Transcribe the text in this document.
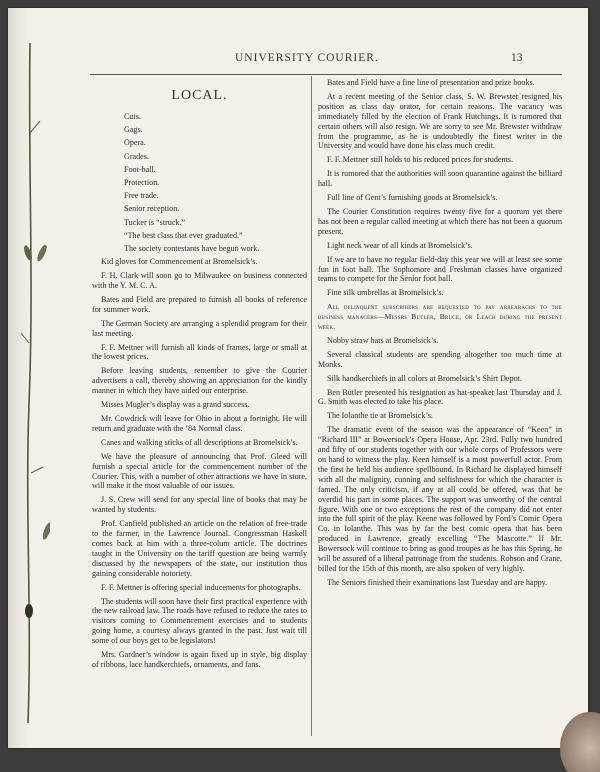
UNIVERSITY COURIER.	13
LOCAL.
Cuts.
Gags.
Opera.
Grades.
Foot-ball.
Protection.
Free trade.
Senior reception.
Tucker is “struck.”
“The best class that ever graduated.”
The society contestants have begun work.

Kid gloves for Commencement at Bromelsick’s.

F. H. Clark will soon go to Milwaukee on business connected with the Y. M. C. A.

Bates and Field are prepared to furnish all books of reference for summer work.

The German Society are arranging a splendid program for their last meeting.

F. F. Mettner will furnish all kinds of frames, large or small at the lowest prices.

Before leaving students, remember to give the Courier advertisers a call, thereby showing an appreciation for the kindly manner in which they have aided our enterprise.

Misses Mugler’s display was a grand success.

Mr. Cowdrick will leave for Ohio in about a fortnight. He will return and graduate with the ’84 Normal class.

Canes and walking sticks of all descriptions at Bromelsick’s.

We have the pleasure of announcing that Prof. Gleed will furnish a special article for the commencement number of the Courier. This, with a number of other attractions we have in store, will make it the most valuable of our issues.

J. S. Crew will send for any special line of books that may be wanted by students.

Prof. Canfield published an article on the relation of free-trade to the farmer, in the Lawrence Journal. Congressman Haskell comes back at him with a three-colum article. The doctrines taught in the University on the tariff question are being warmly discussed by the newspapers of the state, our institution thus gaining considerable notoriety.

F. F. Mettner is offering special inducements for photographs.

The students will soon have their first practical experience with the new railroad law. The roads have refused to reduce the rates to visitors coming to Commencement exercises and to students going home, a courtesy always granted in the past. Just wait till some of our boys get to be legislators!

Mrs. Gardner’s window is again fixed up in style, big display of ribbons, lace handkerchiefs, ornaments, and fans.

Bates and Field have a fine line of presentation and prize books.

At a recent meeting of the Senior class, S. W. Brewster resigned his position as class day orator, for certain reasons. The vacancy was immediately filled by the election of Frank Hutchings. It is rumored that certain others will also resign. We are sorry to see Mr. Brewster withdraw from the programme, as he is undoubtedly the finest writer in the University and would have done his class much credit.

F. F. Mettner still holds to his reduced prices for students.

It is rumored that the authorities will soon quarantine against the billiard hall.

Full line of Gent’s furnishing goods at Bromelsick’s.

The Courier Constitution requires twenty five for a quorum yet there has not been a regular called meeting at which there has not been a quorum present.

Light neck wear of all kinds at Bromelsick’s.

If we are to have no regular field-day this year we will at least see some fun in foot ball. The Sophomore and Freshman classes have organized teams to compete for the Senior foot ball.

Fine silk umbrellas at Bromelsick’s.

All delinquent subscribers are requested to pay arrearages to the business managers—Messrs Butler, Bruce, or Leach during the present week.

Nobby straw hats at Bromelsick’s.

Several classical students are spending altogether too much time at Monks.

Silk handkerchiefs in all colors at Bromelsick’s Shirt Depot.

Ben Butler presented his resignation as hat-speaker last Thursday and J. G. Smith was elected to take his place.

The Iolanthe tie at Bromelsick’s.

The dramatic event of the season was the appearance of “Keen” in “Richard III” at Bowersock’s Opera House, Apr. 23rd. Fully two hundred and fifty of our students together with our whole corps of Professors were on hand to witness the play. Keen himself is a most powerfull actor. From the first he held his audience spellbound. In Richard he displayed himself with all the malignity, cunning and selfishness for which the character is famed. The only criticism, if any at all could be offered, was that he overdid his part in some places. The support was unworthy of the central figure. With one or two exceptions the rest of the company did not enter into the full spirit of the play. Keene was followed by Ford’s Comic Opera Co. in Iolanthe. This was by far the best comic opera that has been produced in Lawrence, greatly excelling “The Mascotte.” If Mr. Bowersock will continue to bring as good troupes as he has this Spring, he will be assured of a liberal patronage from the students. Robson and Crane, billed for the 15th of this month, are also spoken of very highly.

The Seniors finished their examinations last Tuesday and are happy.
